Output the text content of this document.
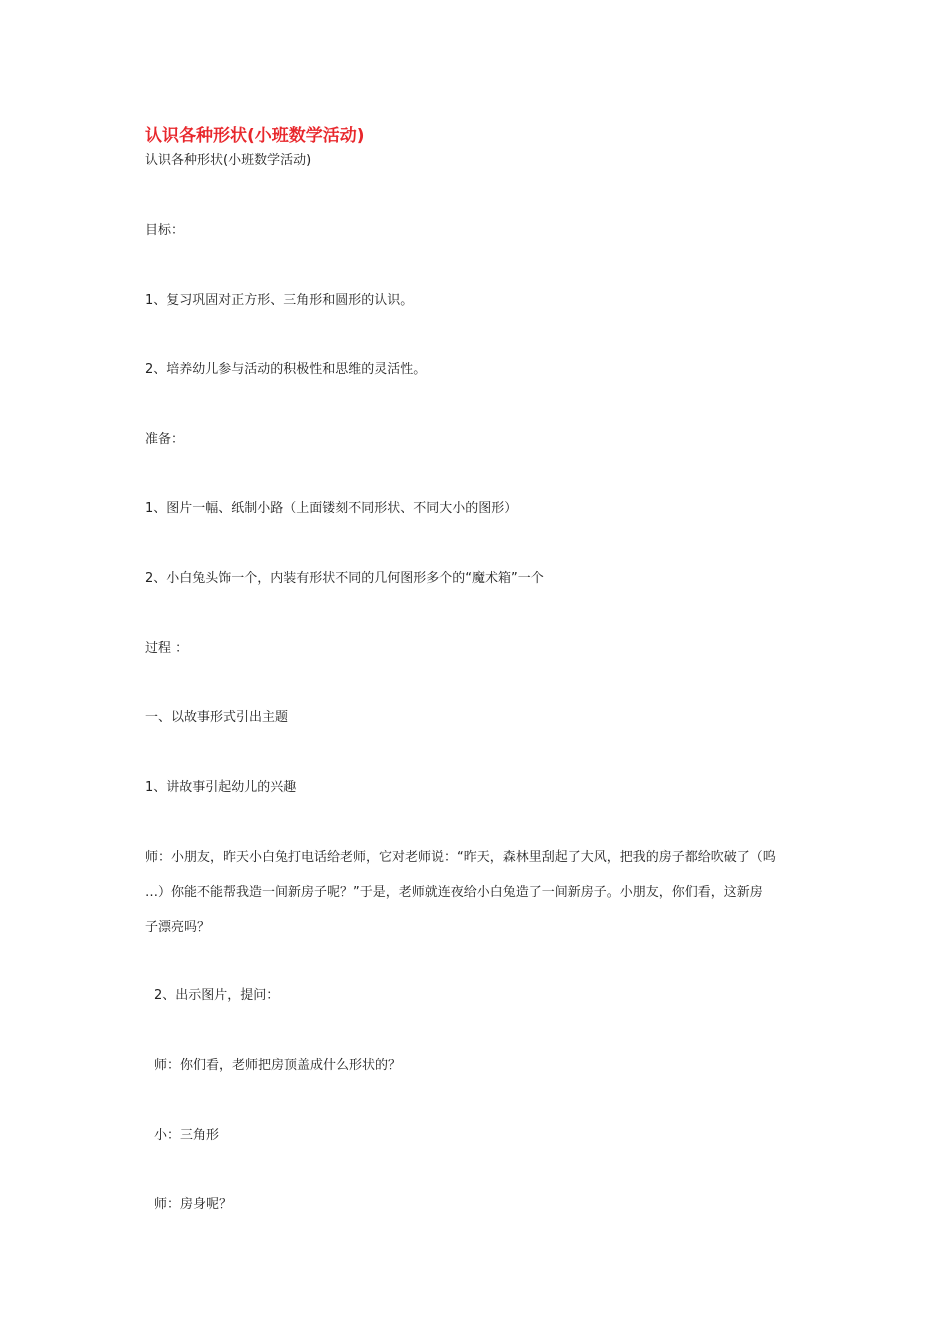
认识各种形状(小班数学活动)
认识各种形状(小班数学活动)
目标：
1、复习巩固对正方形、三角形和圆形的认识。
2、培养幼儿参与活动的积极性和思维的灵活性。
准备：
1、图片一幅、纸制小路（上面镂刻不同形状、不同大小的图形）
2、小白兔头饰一个，内装有形状不同的几何图形多个的“魔术箱”一个
过程 ：
一、以故事形式引出主题
1、讲故事引起幼儿的兴趣
师：小朋友，昨天小白兔打电话给老师，它对老师说：“昨天，森林里刮起了大风，把我的房子都给吹破了（呜
…）你能不能帮我造一间新房子呢？”于是，老师就连夜给小白兔造了一间新房子。小朋友，你们看，这新房
子漂亮吗？
2、出示图片，提问：
师：你们看，老师把房顶盖成什么形状的？
小：三角形
师：房身呢？
